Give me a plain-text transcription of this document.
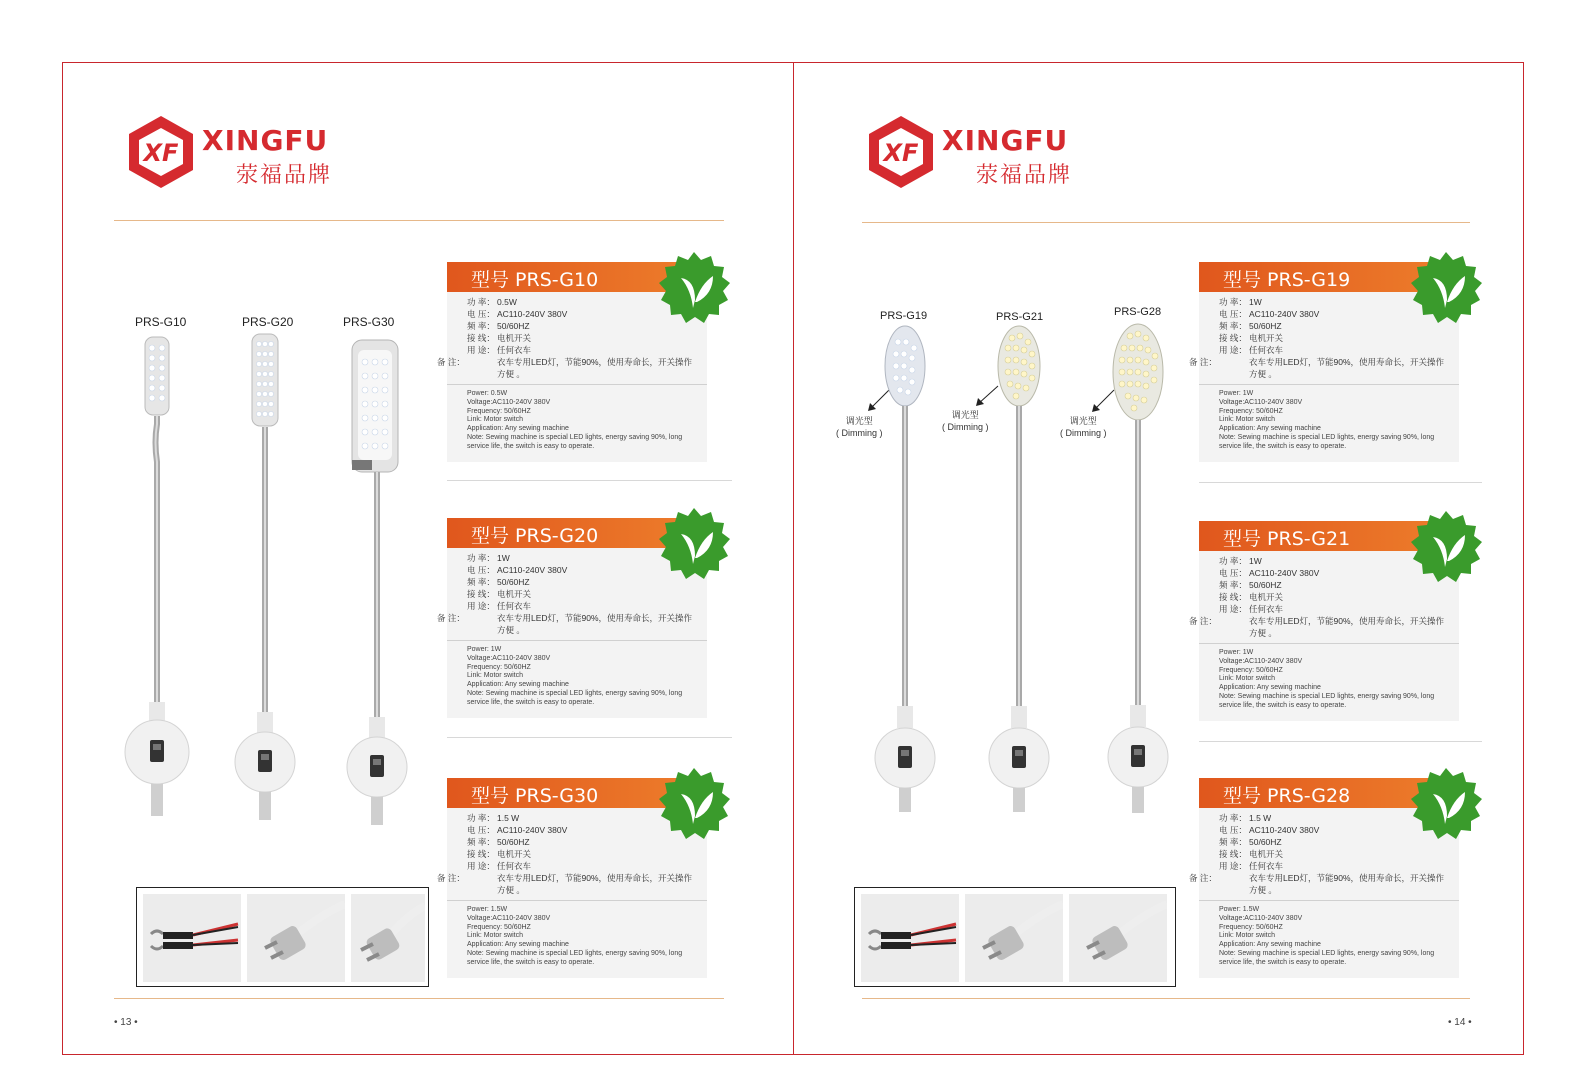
XF XINGFU
荥福品牌
PRS-G10	PRS-G20	PRS-G30
型号 PRS-G10
功 率： 0.5W
电 压： AC110-240V 380V
频 率： 50/60HZ
接 线： 电机开关
用 途： 任何衣车
备 注：	衣车专用LED灯，节能90%，使用寿命长，开关操作方便 。
Power: 0.5W
Voltage:AC110-240V 380V
Frequency: 50/60HZ
Link: Motor switch
Application: Any sewing machine
Note: Sewing machine is special LED lights, energy saving 90%, long service life, the switch is easy to operate.
型号 PRS-G20
功 率： 1W
电 压： AC110-240V 380V
频 率： 50/60HZ
接 线： 电机开关
用 途： 任何衣车
备 注：	衣车专用LED灯，节能90%，使用寿命长，开关操作方便 。
Power: 1W
Voltage:AC110-240V 380V
Frequency: 50/60HZ
Link: Motor switch
Application: Any sewing machine
Note: Sewing machine is special LED lights, energy saving 90%, long service life, the switch is easy to operate.
型号 PRS-G30
功 率： 1.5 W
电 压： AC110-240V 380V
频 率： 50/60HZ
接 线： 电机开关
用 途： 任何衣车
备 注：	衣车专用LED灯，节能90%，使用寿命长，开关操作方便 。
Power: 1.5W
Voltage:AC110-240V 380V
Frequency: 50/60HZ
Link: Motor switch
Application: Any sewing machine
Note: Sewing machine is special LED lights, energy saving 90%, long service life, the switch is easy to operate.
• 13 •
XF XINGFU
荥福品牌
PRS-G19	PRS-G21	PRS-G28
调光型
( Dimming )
调光型
( Dimming )
调光型
( Dimming )
型号 PRS-G19
功 率： 1W
电 压： AC110-240V 380V
频 率： 50/60HZ
接 线： 电机开关
用 途： 任何衣车
备 注：	衣车专用LED灯，节能90%，使用寿命长，开关操作方便 。
Power: 1W
Voltage:AC110-240V 380V
Frequency: 50/60HZ
Link: Motor switch
Application: Any sewing machine
Note: Sewing machine is special LED lights, energy saving 90%, long service life, the switch is easy to operate.
型号 PRS-G21
功 率： 1W
电 压： AC110-240V 380V
频 率： 50/60HZ
接 线： 电机开关
用 途： 任何衣车
备 注：	衣车专用LED灯，节能90%，使用寿命长，开关操作方便 。
Power: 1W
Voltage:AC110-240V 380V
Frequency: 50/60HZ
Link: Motor switch
Application: Any sewing machine
Note: Sewing machine is special LED lights, energy saving 90%, long service life, the switch is easy to operate.
型号 PRS-G28
功 率： 1.5 W
电 压： AC110-240V 380V
频 率： 50/60HZ
接 线： 电机开关
用 途： 任何衣车
备 注：	衣车专用LED灯，节能90%，使用寿命长，开关操作方便 。
Power: 1.5W
Voltage:AC110-240V 380V
Frequency: 50/60HZ
Link: Motor switch
Application: Any sewing machine
Note: Sewing machine is special LED lights, energy saving 90%, long service life, the switch is easy to operate.
• 14 •
